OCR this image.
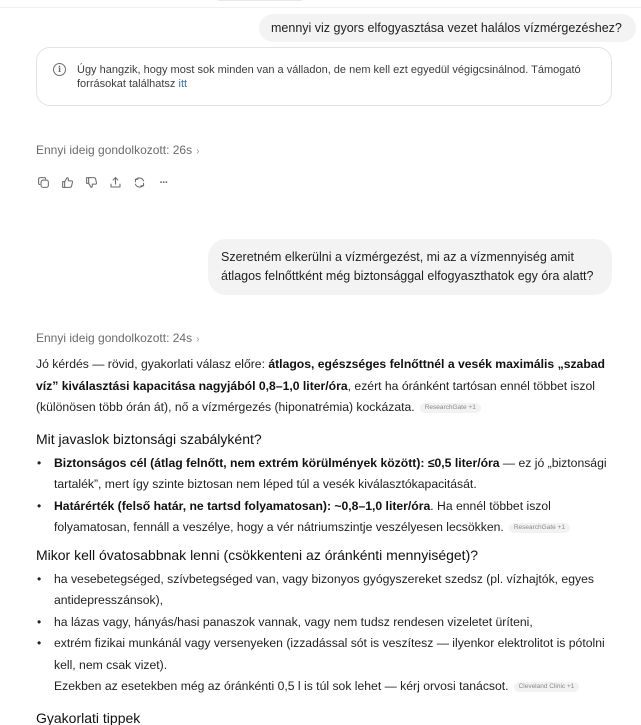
mennyi viz gyors elfogyasztása vezet halálos vízmérgezéshez?
i	Úgy hangzik, hogy most sok minden van a válladon, de nem kell ezt egyedül végigcsinálnod. Támogató forrásokat találhatsz itt
Ennyi ideig gondolkozott: 26s ›
···
Szeretném elkerülni a vízmérgezést, mi az a vízmennyiség amit átlagos felnőttként még biztonsággal elfogyaszthatok egy óra alatt?
Ennyi ideig gondolkozott: 24s ›

Jó kérdés — rövid, gyakorlati válasz előre: átlagos, egészséges felnőttnél a vesék maximális „szabad víz” kiválasztási kapacitása nagyjából 0,8–1,0 liter/óra, ezért ha óránként tartósan ennél többet iszol (különösen több órán át), nő a vízmérgezés (hiponatrémia) kockázata. ResearchGate +1

Mit javaslok biztonsági szabályként?
• Biztonságos cél (átlag felnőtt, nem extrém körülmények között): ≤0,5 liter/óra — ez jó „biztonsági tartalék”, mert így szinte biztosan nem léped túl a vesék kiválasztókapacitását.
• Határérték (felső határ, ne tartsd folyamatosan): ~0,8–1,0 liter/óra. Ha ennél többet iszol folyamatosan, fennáll a veszélye, hogy a vér nátriumszintje veszélyesen lecsökken. ResearchGate +1
Mikor kell óvatosabbnak lenni (csökkenteni az óránkénti mennyiséget)?
• ha vesebetegséged, szívbetegséged van, vagy bizonyos gyógyszereket szedsz (pl. vízhajtók, egyes antidepresszánsok),
• ha lázas vagy, hányás/hasi panaszok vannak, vagy nem tudsz rendesen vizeletet üríteni,
• extrém fizikai munkánál vagy versenyeken (izzadással sót is veszítesz — ilyenkor elektrolitot is pótolni kell, nem csak vizet).
Ezekben az esetekben még az óránkénti 0,5 l is túl sok lehet — kérj orvosi tanácsot. Cleveland Clinic +1
Gyakorlati tippek
